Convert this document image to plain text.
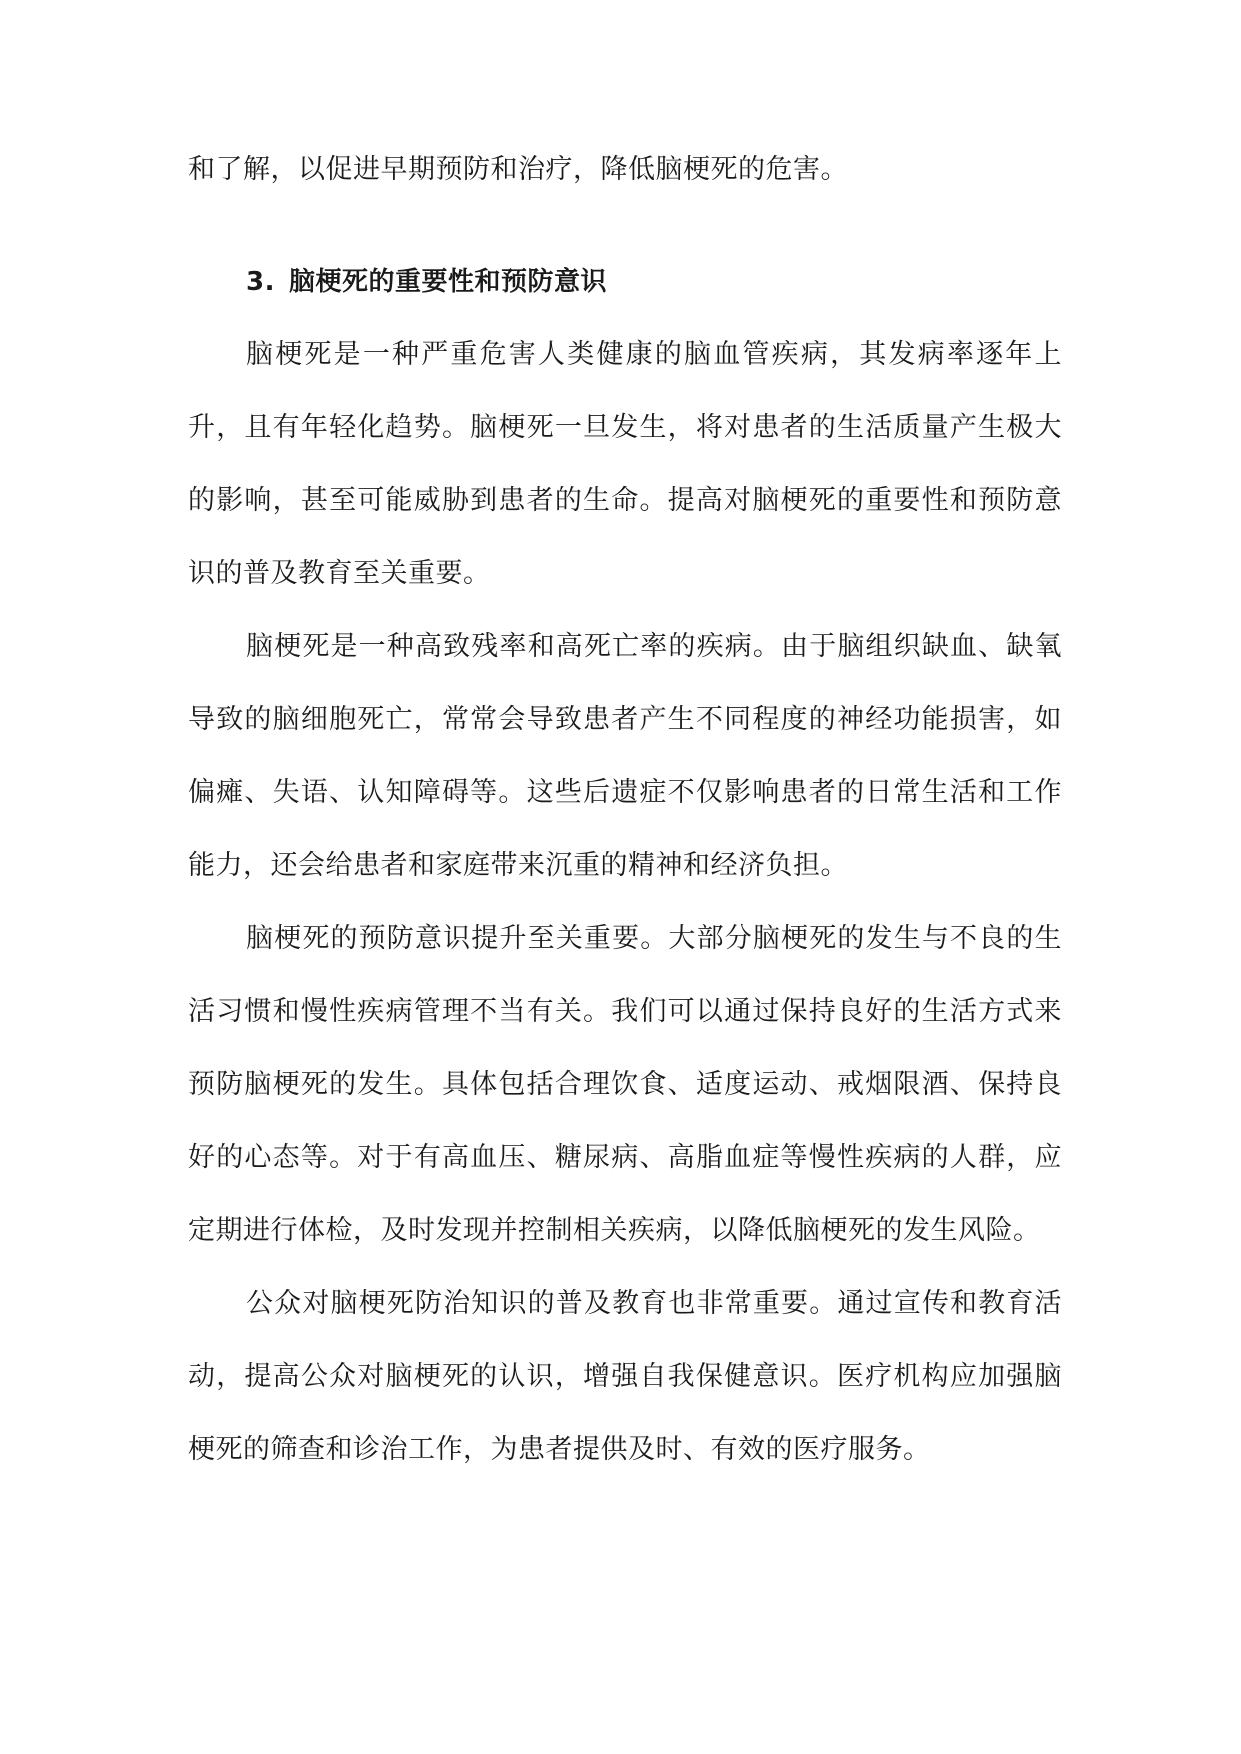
和了解，以促进早期预防和治疗，降低脑梗死的危害。

3. 脑梗死的重要性和预防意识

脑梗死是一种严重危害人类健康的脑血管疾病，其发病率逐年上升，且有年轻化趋势。脑梗死一旦发生，将对患者的生活质量产生极大的影响，甚至可能威胁到患者的生命。提高对脑梗死的重要性和预防意识的普及教育至关重要。

脑梗死是一种高致残率和高死亡率的疾病。由于脑组织缺血、缺氧导致的脑细胞死亡，常常会导致患者产生不同程度的神经功能损害，如偏瘫、失语、认知障碍等。这些后遗症不仅影响患者的日常生活和工作能力，还会给患者和家庭带来沉重的精神和经济负担。

脑梗死的预防意识提升至关重要。大部分脑梗死的发生与不良的生活习惯和慢性疾病管理不当有关。我们可以通过保持良好的生活方式来预防脑梗死的发生。具体包括合理饮食、适度运动、戒烟限酒、保持良好的心态等。对于有高血压、糖尿病、高脂血症等慢性疾病的人群，应定期进行体检，及时发现并控制相关疾病，以降低脑梗死的发生风险。

公众对脑梗死防治知识的普及教育也非常重要。通过宣传和教育活动，提高公众对脑梗死的认识，增强自我保健意识。医疗机构应加强脑梗死的筛查和诊治工作，为患者提供及时、有效的医疗服务。
